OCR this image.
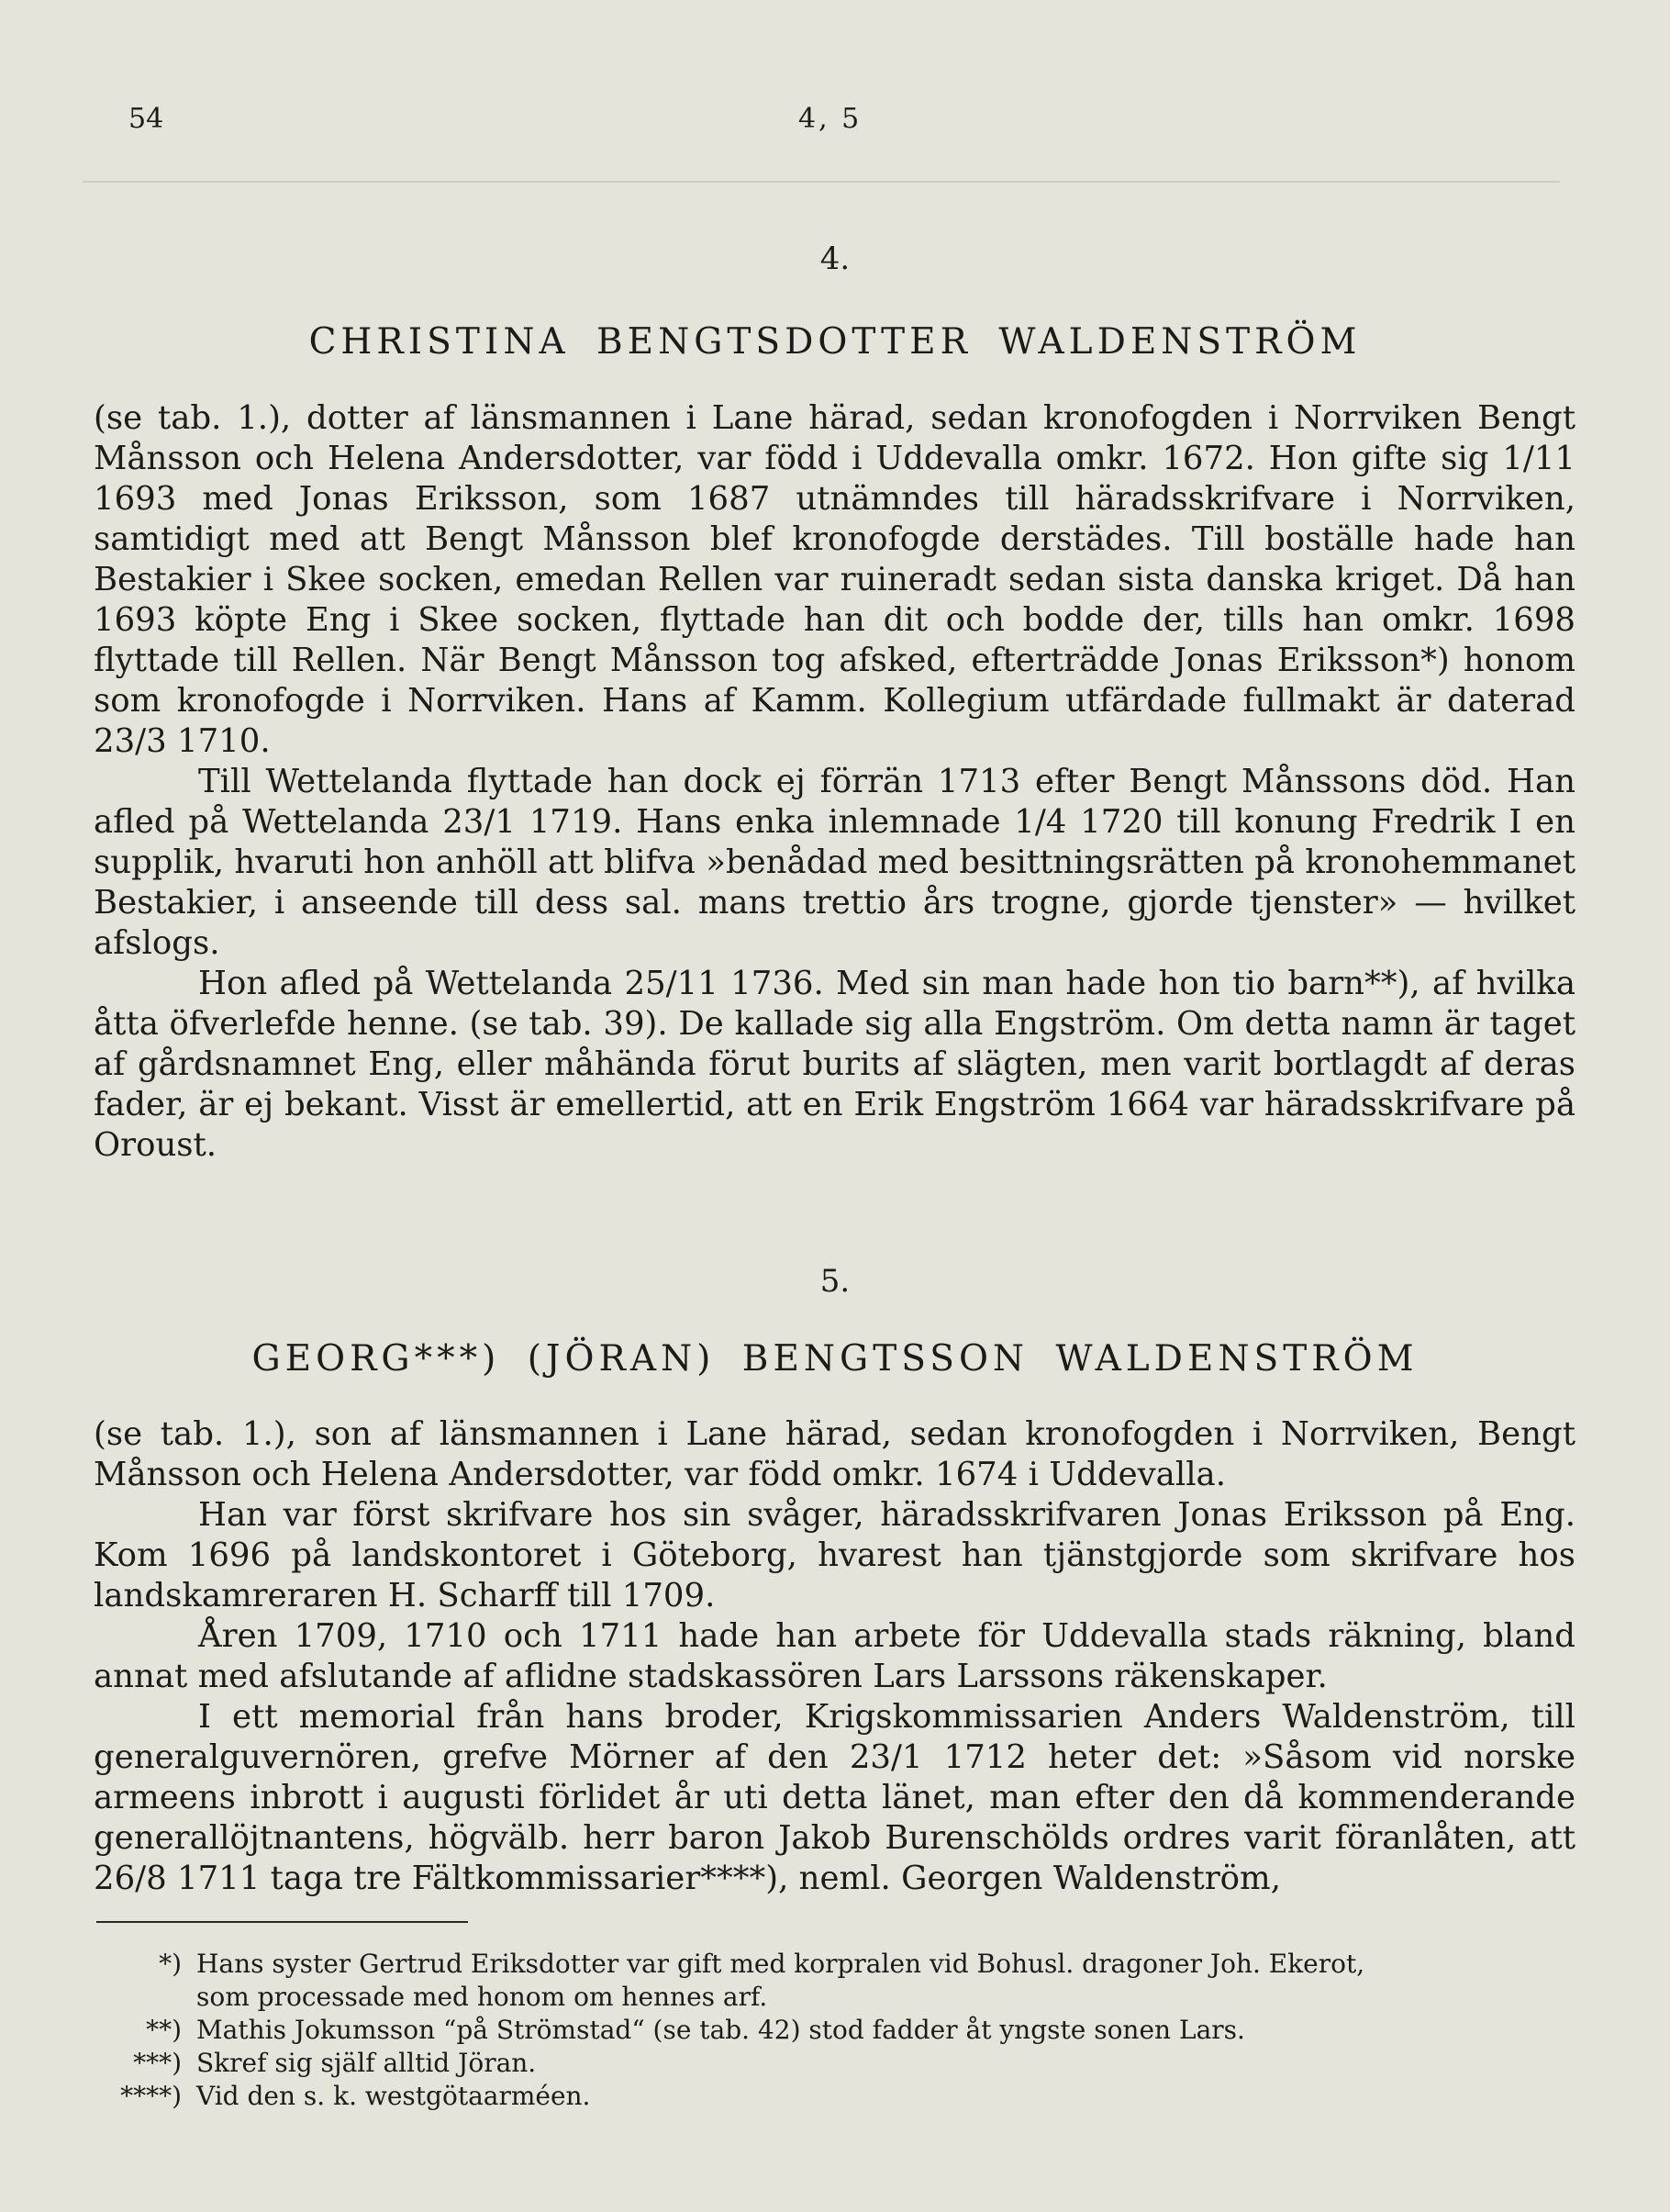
54	4, 5
4.
CHRISTINA BENGTSDOTTER WALDENSTRÖM

(se tab. 1.), dotter af länsmannen i Lane härad, sedan kronofogden i Norrviken Bengt Månsson och Helena Andersdotter, var född i Uddevalla omkr. 1672. Hon gifte sig 1/11 1693 med Jonas Eriksson, som 1687 utnämndes till häradsskrifvare i Norrviken, samtidigt med att Bengt Månsson blef kronofogde derstädes. Till boställe hade han Bestakier i Skee socken, emedan Rellen var ruineradt sedan sista danska kriget. Då han 1693 köpte Eng i Skee socken, flyttade han dit och bodde der, tills han omkr. 1698 flyttade till Rellen. När Bengt Månsson tog afsked, efterträdde Jonas Eriksson*) honom som kronofogde i Norrviken. Hans af Kamm. Kollegium utfärdade fullmakt är daterad 23/3 1710.

Till Wettelanda flyttade han dock ej förrän 1713 efter Bengt Månssons död. Han afled på Wettelanda 23/1 1719. Hans enka inlemnade 1/4 1720 till konung Fredrik I en supplik, hvaruti hon anhöll att blifva »benådad med besittningsrätten på kronohemmanet Bestakier, i anseende till dess sal. mans trettio års trogne, gjorde tjenster» — hvilket afslogs.

Hon afled på Wettelanda 25/11 1736. Med sin man hade hon tio barn**), af hvilka åtta öfverlefde henne. (se tab. 39). De kallade sig alla Engström. Om detta namn är taget af gårdsnamnet Eng, eller måhända förut burits af slägten, men varit bortlagdt af deras fader, är ej bekant. Visst är emellertid, att en Erik Engström 1664 var häradsskrifvare på Oroust.

5.
GEORG***) (JÖRAN) BENGTSSON WALDENSTRÖM

(se tab. 1.), son af länsmannen i Lane härad, sedan kronofogden i Norrviken, Bengt Månsson och Helena Andersdotter, var född omkr. 1674 i Uddevalla.

Han var först skrifvare hos sin svåger, häradsskrifvaren Jonas Eriksson på Eng. Kom 1696 på landskontoret i Göteborg, hvarest han tjänstgjorde som skrifvare hos landskamreraren H. Scharff till 1709.

Åren 1709, 1710 och 1711 hade han arbete för Uddevalla stads räkning, bland annat med afslutande af aflidne stadskassören Lars Larssons räkenskaper.

I ett memorial från hans broder, Krigskommissarien Anders Waldenström, till generalguvernören, grefve Mörner af den 23/1 1712 heter det: »Såsom vid norske armeens inbrott i augusti förlidet år uti detta länet, man efter den då kommenderande generallöjtnantens, högvälb. herr baron Jakob Burenschölds ordres varit föranlåten, att 26/8 1711 taga tre Fältkommissarier****), neml. Georgen Waldenström,

*) Hans syster Gertrud Eriksdotter var gift med korpralen vid Bohusl. dragoner Joh. Ekerot,
som processade med honom om hennes arf.
**) Mathis Jokumsson “på Strömstad“ (se tab. 42) stod fadder åt yngste sonen Lars.
***) Skref sig själf alltid Jöran.
****) Vid den s. k. westgötaarméen.
